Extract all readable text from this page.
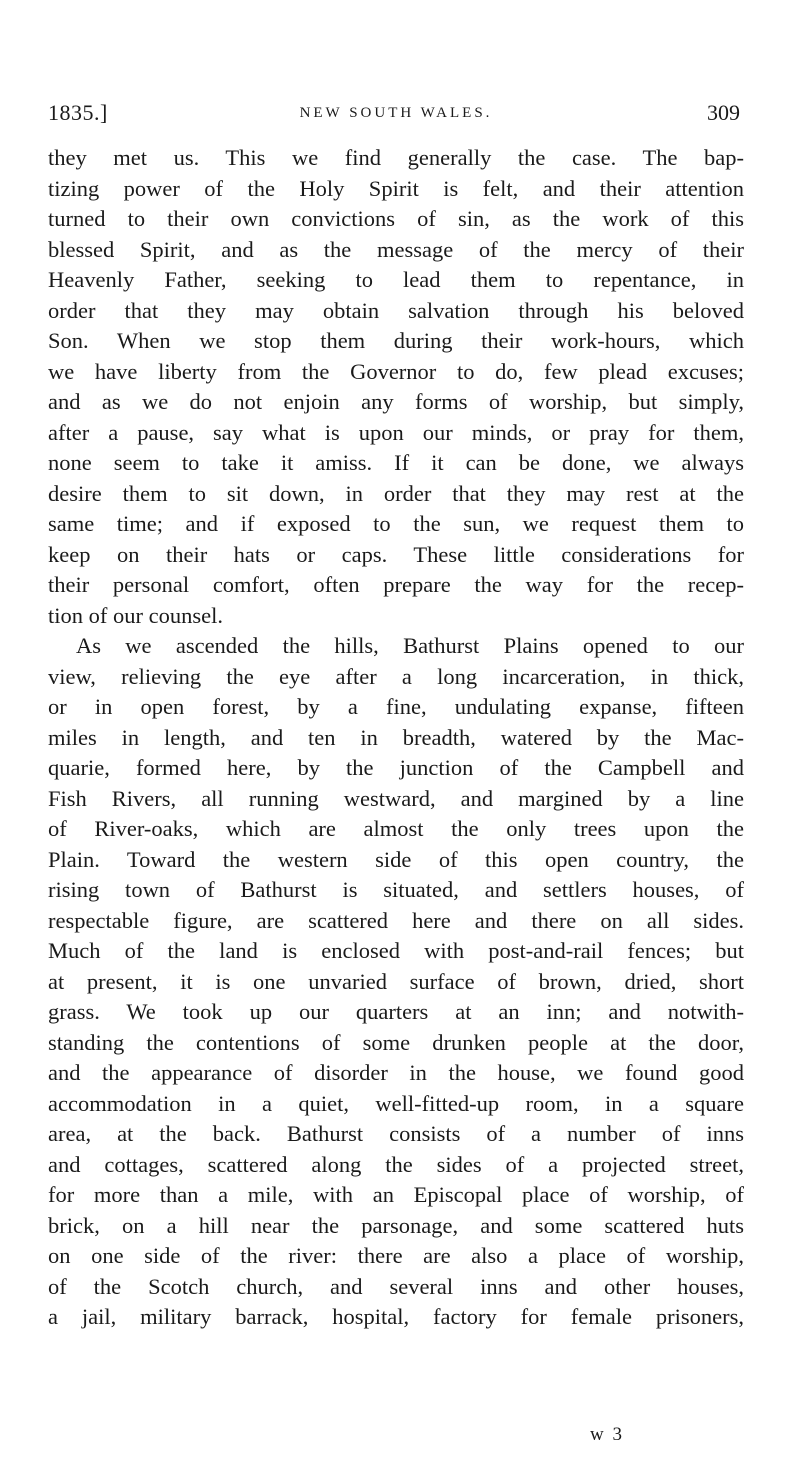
1835.]	NEW SOUTH WALES.	309
they met us. This we find generally the case. The bap-
tizing power of the Holy Spirit is felt, and their attention
turned to their own convictions of sin, as the work of this
blessed Spirit, and as the message of the mercy of their
Heavenly Father, seeking to lead them to repentance, in
order that they may obtain salvation through his beloved
Son. When we stop them during their work-hours, which
we have liberty from the Governor to do, few plead excuses;
and as we do not enjoin any forms of worship, but simply,
after a pause, say what is upon our minds, or pray for them,
none seem to take it amiss. If it can be done, we always
desire them to sit down, in order that they may rest at the
same time; and if exposed to the sun, we request them to
keep on their hats or caps. These little considerations for
their personal comfort, often prepare the way for the recep-
tion of our counsel.
As we ascended the hills, Bathurst Plains opened to our
view, relieving the eye after a long incarceration, in thick,
or in open forest, by a fine, undulating expanse, fifteen
miles in length, and ten in breadth, watered by the Mac-
quarie, formed here, by the junction of the Campbell and
Fish Rivers, all running westward, and margined by a line
of River-oaks, which are almost the only trees upon the
Plain. Toward the western side of this open country, the
rising town of Bathurst is situated, and settlers houses, of
respectable figure, are scattered here and there on all sides.
Much of the land is enclosed with post-and-rail fences; but
at present, it is one unvaried surface of brown, dried, short
grass. We took up our quarters at an inn; and notwith-
standing the contentions of some drunken people at the door,
and the appearance of disorder in the house, we found good
accommodation in a quiet, well-fitted-up room, in a square
area, at the back. Bathurst consists of a number of inns
and cottages, scattered along the sides of a projected street,
for more than a mile, with an Episcopal place of worship, of
brick, on a hill near the parsonage, and some scattered huts
on one side of the river: there are also a place of worship,
of the Scotch church, and several inns and other houses,
a jail, military barrack, hospital, factory for female prisoners,
w 3
